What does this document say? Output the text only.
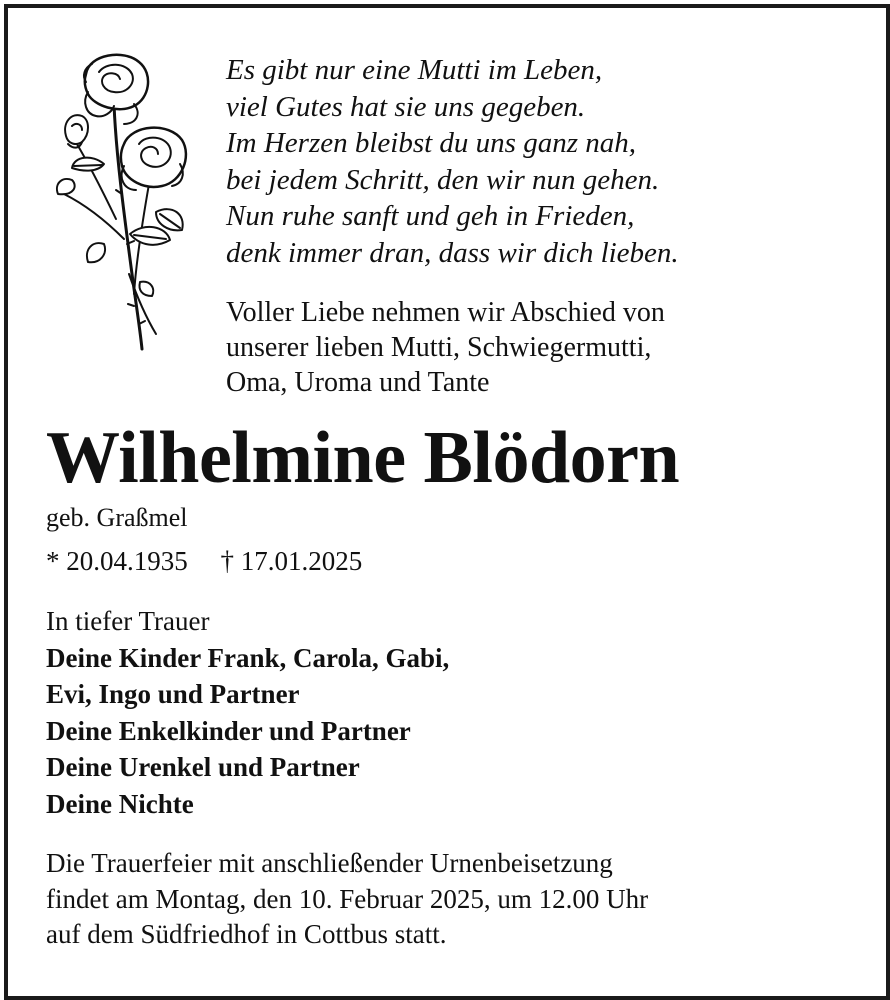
Es gibt nur eine Mutti im Leben,
viel Gutes hat sie uns gegeben.
Im Herzen bleibst du uns ganz nah,
bei jedem Schritt, den wir nun gehen.
Nun ruhe sanft und geh in Frieden,
denk immer dran, dass wir dich lieben.
Voller Liebe nehmen wir Abschied von
unserer lieben Mutti, Schwiegermutti,
Oma, Uroma und Tante
Wilhelmine Blödorn
geb. Graßmel
* 20.04.1935 † 17.01.2025
In tiefer Trauer
Deine Kinder Frank, Carola, Gabi,
Evi, Ingo und Partner
Deine Enkelkinder und Partner
Deine Urenkel und Partner
Deine Nichte
Die Trauerfeier mit anschließender Urnenbeisetzung
findet am Montag, den 10. Februar 2025, um 12.00 Uhr
auf dem Südfriedhof in Cottbus statt.
